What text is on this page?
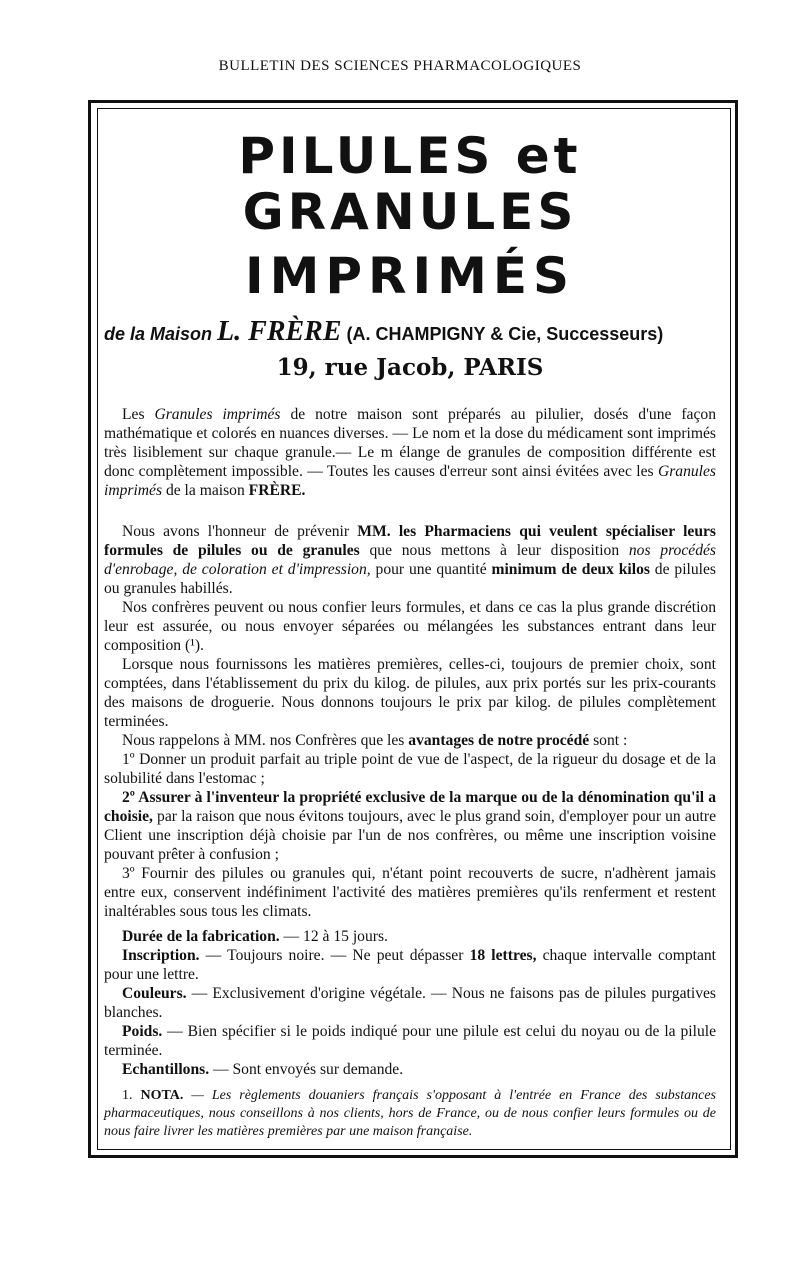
BULLETIN DES SCIENCES PHARMACOLOGIQUES
PILULES et GRANULES
IMPRIMÉS
de la Maison L. FRÈRE (A. CHAMPIGNY & Cie, Successeurs)
19, rue Jacob, PARIS

Les Granules imprimés de notre maison sont préparés au pilulier, dosés d'une façon mathématique et colorés en nuances diverses. — Le nom et la dose du médicament sont imprimés très lisiblement sur chaque granule.— Le m élange de granules de composition différente est donc complètement impossible. — Toutes les causes d'erreur sont ainsi évitées avec les Granules imprimés de la maison FRÈRE.

Nous avons l'honneur de prévenir MM. les Pharmaciens qui veulent spécialiser leurs formules de pilules ou de granules que nous mettons à leur disposition nos procédés d'enrobage, de coloration et d'impression, pour une quantité minimum de deux kilos de pilules ou granules habillés.

Nos confrères peuvent ou nous confier leurs formules, et dans ce cas la plus grande discrétion leur est assurée, ou nous envoyer séparées ou mélangées les substances entrant dans leur composition (¹).

Lorsque nous fournissons les matières premières, celles-ci, toujours de premier choix, sont comptées, dans l'établissement du prix du kilog. de pilules, aux prix portés sur les prix-courants des maisons de droguerie. Nous donnons toujours le prix par kilog. de pilules complètement terminées.

Nous rappelons à MM. nos Confrères que les avantages de notre procédé sont :

1º Donner un produit parfait au triple point de vue de l'aspect, de la rigueur du dosage et de la solubilité dans l'estomac ;

2º Assurer à l'inventeur la propriété exclusive de la marque ou de la dénomination qu'il a choisie, par la raison que nous évitons toujours, avec le plus grand soin, d'employer pour un autre Client une inscription déjà choisie par l'un de nos confrères, ou même une inscription voisine pouvant prêter à confusion ;

3º Fournir des pilules ou granules qui, n'étant point recouverts de sucre, n'adhèrent jamais entre eux, conservent indéfiniment l'activité des matières premières qu'ils renferment et restent inaltérables sous tous les climats.

Durée de la fabrication. — 12 à 15 jours.

Inscription. — Toujours noire. — Ne peut dépasser 18 lettres, chaque intervalle comptant pour une lettre.

Couleurs. — Exclusivement d'origine végétale. — Nous ne faisons pas de pilules purgatives blanches.

Poids. — Bien spécifier si le poids indiqué pour une pilule est celui du noyau ou de la pilule terminée.

Echantillons. — Sont envoyés sur demande.

1. NOTA. — Les règlements douaniers français s'opposant à l'entrée en France des substances pharmaceutiques, nous conseillons à nos clients, hors de France, ou de nous confier leurs formules ou de nous faire livrer les matières premières par une maison française.
